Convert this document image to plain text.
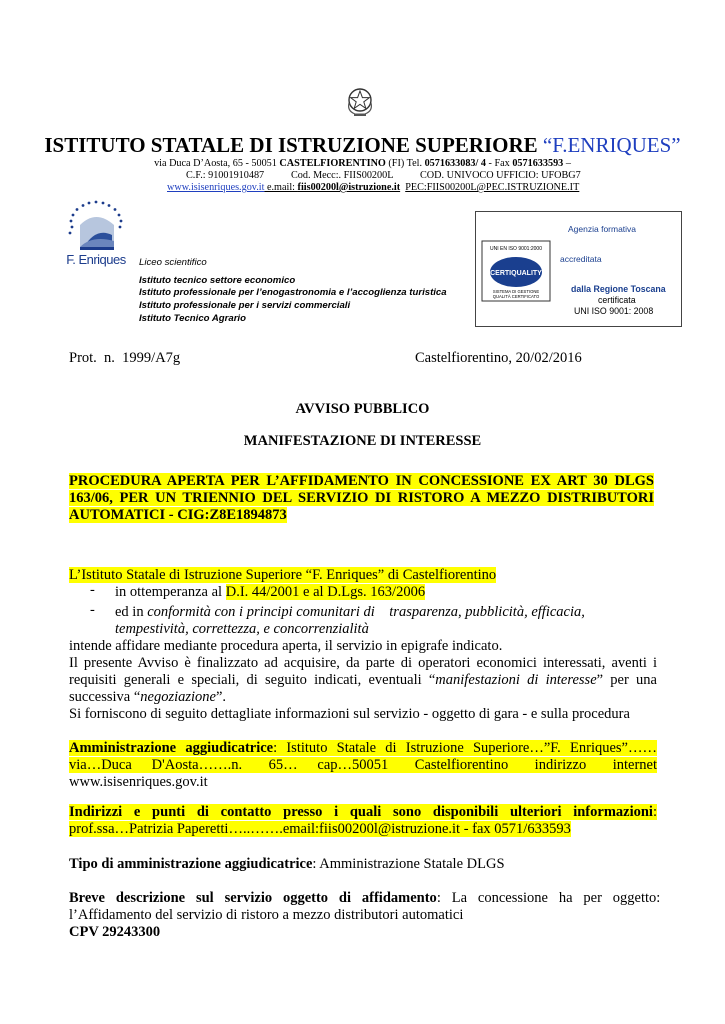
ISTITUTO STATALE DI ISTRUZIONE SUPERIORE “F.ENRIQUES”
via Duca D’Aosta, 65 - 50051 CASTELFIORENTINO (FI) Tel. 0571633083/ 4 - Fax 0571633593 –
C.F.: 91001910487	Cod. Mecc:. FIIS00200L	COD. UNIVOCO UFFICIO: UFOBG7
www.isisenriques.gov.it e.mail: fiis00200l@istruzione.it PEC:FIIS00200L@PEC.ISTRUZIONE.IT
F. Enriques	Liceo scientifico
Istituto tecnico settore economico
Istituto professionale per l’enogastronomia e l’accoglienza turistica
Istituto professionale per i servizi commerciali
Istituto Tecnico Agrario
Agenzia formativa
UNI EN ISO 9001:2000
CERTIQUALITY
SISTEMA DI GESTIONE
QUALITÀ CERTIFICATO
accreditata
dalla Regione Toscana
certificata
UNI ISO 9001: 2008
Prot.  n.  1999/A7g	Castelfiorentino, 20/02/2016
AVVISO PUBBLICO
MANIFESTAZIONE DI INTERESSE
PROCEDURA APERTA PER L’AFFIDAMENTO IN CONCESSIONE EX ART 30 DLGS
163/06, PER UN TRIENNIO DEL SERVIZIO DI RISTORO A MEZZO DISTRIBUTORI
AUTOMATICI - CIG:Z8E1894873
L’Istituto Statale di Istruzione Superiore “F. Enriques” di Castelfiorentino
- in ottemperanza al D.I. 44/2001 e al D.Lgs. 163/2006
- ed in conformità con i principi comunitari di    trasparenza, pubblicità, efficacia,
tempestività, correttezza, e concorrenzialità
intende affidare mediante procedura aperta, il servizio in epigrafe indicato.
Il presente Avviso è finalizzato ad acquisire, da parte di operatori economici interessati, aventi i
requisiti generali e speciali, di seguito indicati, eventuali “manifestazioni di interesse” per una
successiva “negoziazione”.
Si forniscono di seguito dettagliate informazioni sul servizio - oggetto di gara - e sulla procedura
Amministrazione aggiudicatrice: Istituto Statale di Istruzione Superiore…”F. Enriques”……
via…Duca   D'Aosta…….n.    65…   cap…50051    Castelfiorentino    indirizzo    internet
www.isisenriques.gov.it
Indirizzi e punti di contatto presso i quali sono disponibili ulteriori informazioni:
prof.ssa…Patrizia Paperetti…..…….email:fiis00200l@istruzione.it - fax 0571/633593
Tipo di amministrazione aggiudicatrice: Amministrazione Statale DLGS
Breve   descrizione   sul   servizio   oggetto   di   affidamento:   La   concessione   ha   per   oggetto:
l’Affidamento del servizio di ristoro a mezzo distributori automatici
CPV 29243300
